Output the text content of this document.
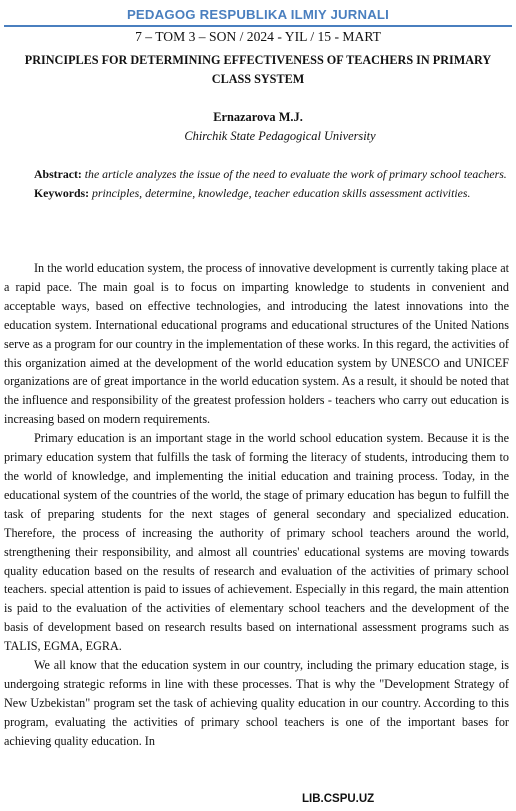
PEDAGOG RESPUBLIKA ILMIY JURNALI
7 – TOM 3 – SON / 2024 - YIL / 15 - MART
PRINCIPLES FOR DETERMINING EFFECTIVENESS OF TEACHERS IN PRIMARY CLASS SYSTEM
Ernazarova M.J.
Chirchik State Pedagogical University

Abstract: the article analyzes the issue of the need to evaluate the work of primary school teachers.

Keywords: principles, determine, knowledge, teacher education skills assessment activities.

In the world education system, the process of innovative development is currently taking place at a rapid pace. The main goal is to focus on imparting knowledge to students in convenient and acceptable ways, based on effective technologies, and introducing the latest innovations into the education system. International educational programs and educational structures of the United Nations serve as a program for our country in the implementation of these works. In this regard, the activities of this organization aimed at the development of the world education system by UNESCO and UNICEF organizations are of great importance in the world education system. As a result, it should be noted that the influence and responsibility of the greatest profession holders - teachers who carry out education is increasing based on modern requirements.

Primary education is an important stage in the world school education system. Because it is the primary education system that fulfills the task of forming the literacy of students, introducing them to the world of knowledge, and implementing the initial education and training process. Today, in the educational system of the countries of the world, the stage of primary education has begun to fulfill the task of preparing students for the next stages of general secondary and specialized education. Therefore, the process of increasing the authority of primary school teachers around the world, strengthening their responsibility, and almost all countries' educational systems are moving towards quality education based on the results of research and evaluation of the activities of primary school teachers. special attention is paid to issues of achievement. Especially in this regard, the main attention is paid to the evaluation of the activities of elementary school teachers and the development of the basis of development based on research results based on international assessment programs such as TALIS, EGMA, EGRA.

We all know that the education system in our country, including the primary education stage, is undergoing strategic reforms in line with these processes. That is why the "Development Strategy of New Uzbekistan" program set the task of achieving quality education in our country. According to this program, evaluating the activities of primary school teachers is one of the important bases for achieving quality education. In

LIB.CSPU.UZ
